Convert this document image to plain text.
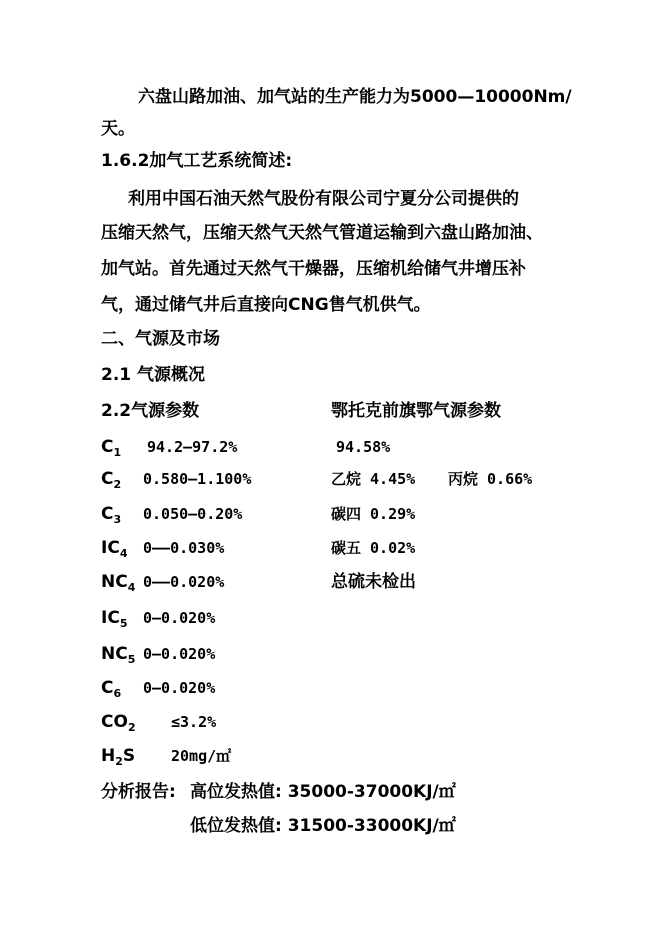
六盘山路加油、加气站的生产能力为5000—10000Nm/
天。
1.6.2加气工艺系统简述:
利用中国石油天然气股份有限公司宁夏分公司提供的
压缩天然气，压缩天然气天然气管道运输到六盘山路加油、
加气站。首先通过天然气干燥器，压缩机给储气井增压补
气，通过储气井后直接向CNG售气机供气。
二、气源及市场
2.1 气源概况
2.2气源参数	鄂托克前旗鄂气源参数
$C_1$ 94.2—97.2%	94.58%
$C_2$ 0.580—1.100%	乙烷 4.45% 丙烷 0.66%
$C_3$ 0.050—0.20%	碳四 0.29%
$IC_4$ 0——0.030%	碳五 0.02%
$NC_4$ 0——0.020%	总硫未检出
$IC_5$ 0—0.020%
$NC_5$ 0—0.020%
$C_6$ 0—0.020%
$CO_2 \le 3.2\%$
$H_2S$ 20mg/㎡
分析报告: 高位发热值: 35000-37000KJ/㎡
低位发热值: 31500-33000KJ/㎡
